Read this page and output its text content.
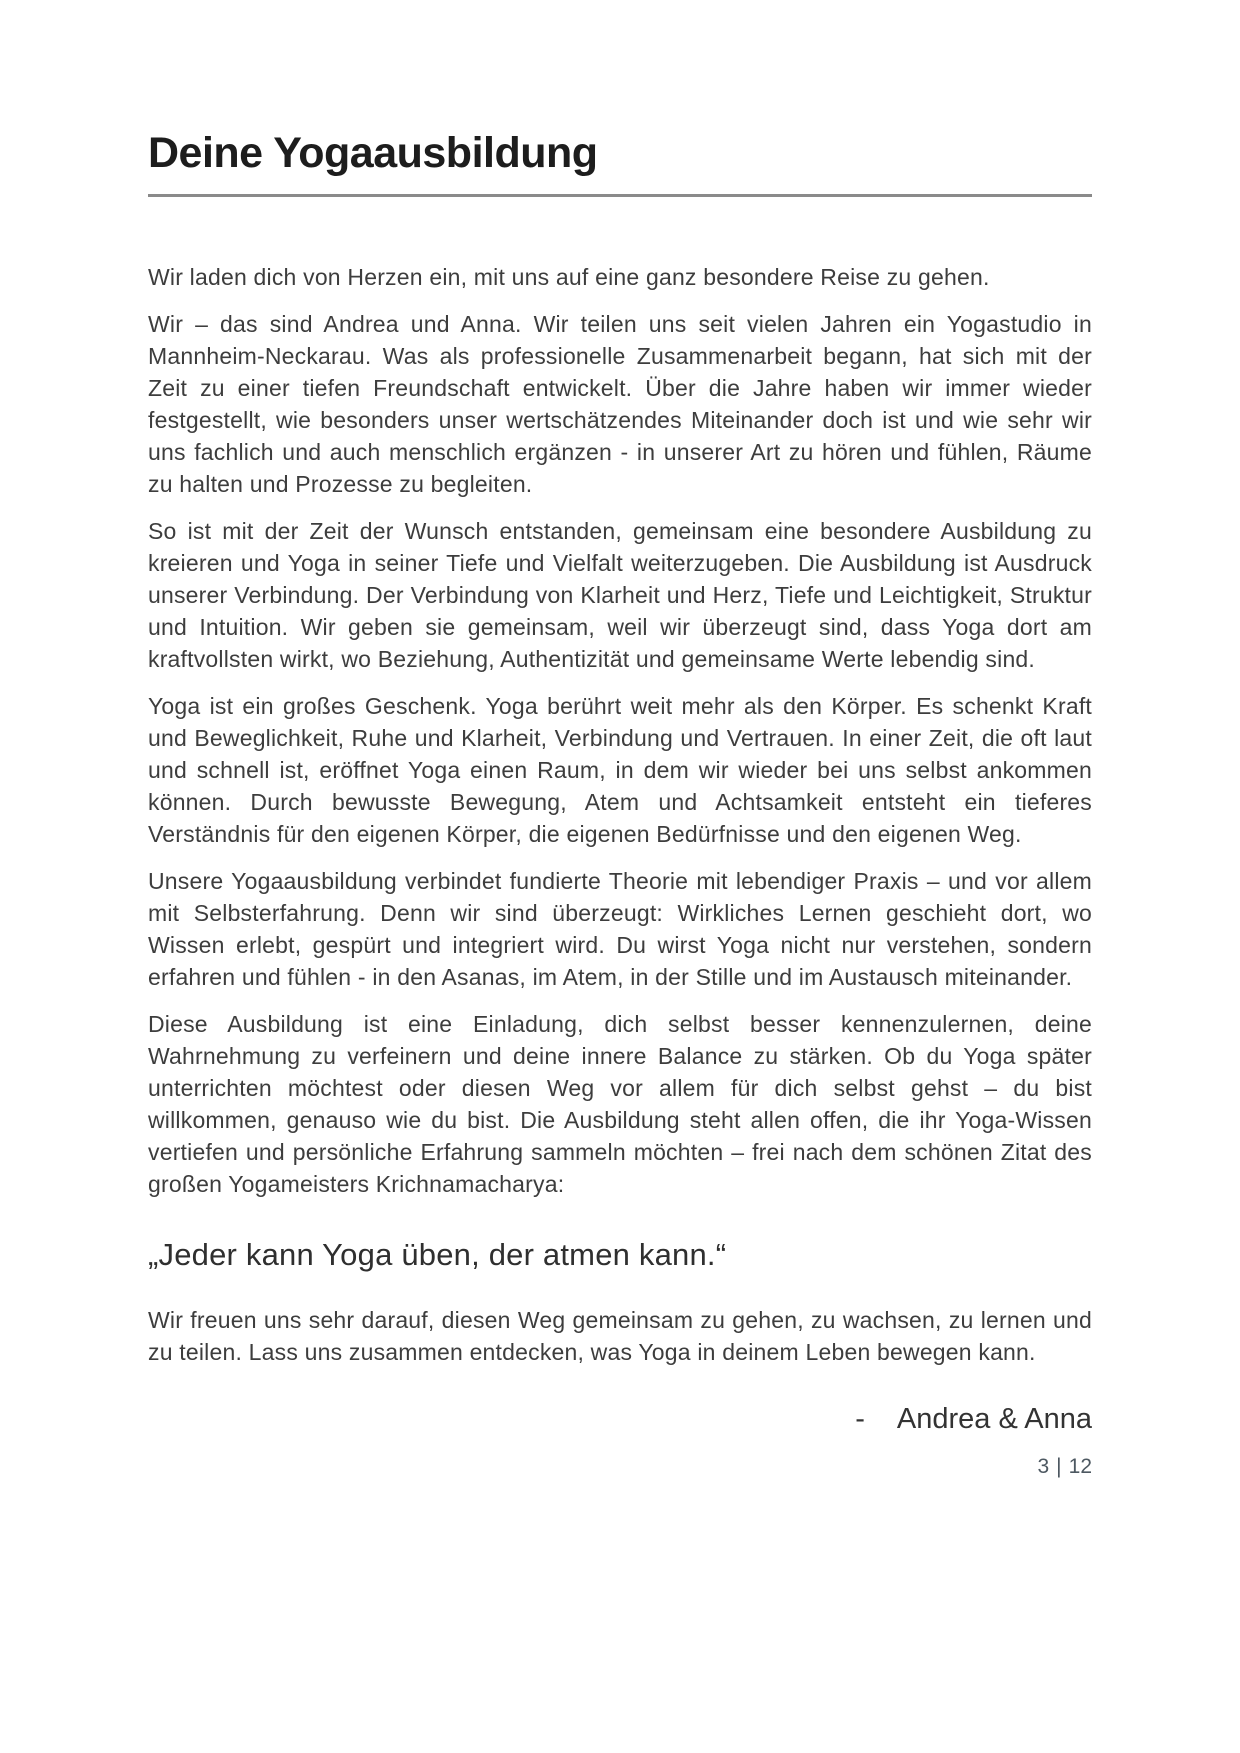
Deine Yogaausbildung

Wir laden dich von Herzen ein, mit uns auf eine ganz besondere Reise zu gehen.

Wir – das sind Andrea und Anna. Wir teilen uns seit vielen Jahren ein Yogastudio in Mannheim-Neckarau. Was als professionelle Zusammenarbeit begann, hat sich mit der Zeit zu einer tiefen Freundschaft entwickelt. Über die Jahre haben wir immer wieder festgestellt, wie besonders unser wertschätzendes Miteinander doch ist und wie sehr wir uns fachlich und auch menschlich ergänzen - in unserer Art zu hören und fühlen, Räume zu halten und Prozesse zu begleiten.

So ist mit der Zeit der Wunsch entstanden, gemeinsam eine besondere Ausbildung zu kreieren und Yoga in seiner Tiefe und Vielfalt weiterzugeben. Die Ausbildung ist Ausdruck unserer Verbindung. Der Verbindung von Klarheit und Herz, Tiefe und Leichtigkeit, Struktur und Intuition. Wir geben sie gemeinsam, weil wir überzeugt sind, dass Yoga dort am kraftvollsten wirkt, wo Beziehung, Authentizität und gemeinsame Werte lebendig sind.

Yoga ist ein großes Geschenk. Yoga berührt weit mehr als den Körper. Es schenkt Kraft und Beweglichkeit, Ruhe und Klarheit, Verbindung und Vertrauen. In einer Zeit, die oft laut und schnell ist, eröffnet Yoga einen Raum, in dem wir wieder bei uns selbst ankommen können. Durch bewusste Bewegung, Atem und Achtsamkeit entsteht ein tieferes Verständnis für den eigenen Körper, die eigenen Bedürfnisse und den eigenen Weg.

Unsere Yogaausbildung verbindet fundierte Theorie mit lebendiger Praxis – und vor allem mit Selbsterfahrung. Denn wir sind überzeugt: Wirkliches Lernen geschieht dort, wo Wissen erlebt, gespürt und integriert wird. Du wirst Yoga nicht nur verstehen, sondern erfahren und fühlen - in den Asanas, im Atem, in der Stille und im Austausch miteinander.

Diese Ausbildung ist eine Einladung, dich selbst besser kennenzulernen, deine Wahrnehmung zu verfeinern und deine innere Balance zu stärken. Ob du Yoga später unterrichten möchtest oder diesen Weg vor allem für dich selbst gehst – du bist willkommen, genauso wie du bist. Die Ausbildung steht allen offen, die ihr Yoga-Wissen vertiefen und persönliche Erfahrung sammeln möchten – frei nach dem schönen Zitat des großen Yogameisters Krichnamacharya:

„Jeder kann Yoga üben, der atmen kann.“

Wir freuen uns sehr darauf, diesen Weg gemeinsam zu gehen, zu wachsen, zu lernen und zu teilen. Lass uns zusammen entdecken, was Yoga in deinem Leben bewegen kann.

- Andrea & Anna
3 | 12
